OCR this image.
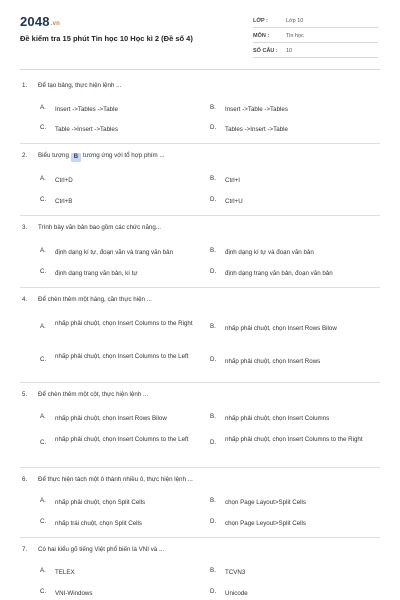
2048.vn
Đề kiểm tra 15 phút Tin học 10 Học kì 2 (Đề số 4)
LỚP :	Lớp 10
MÔN :	Tin học
SỐ CÂU : 10
1. Để tạo bảng, thực hiện lệnh ...
A. Insert ->Tables ->Table	B. Insert ->Table ->Tables
C. Table ->Insert ->Tables	D. Tables ->Insert ->Table
2. Biểu tượng B tương ứng với tổ hợp phím ...
A. Ctrl+D	B. Ctrl+I
C. Ctrl+B	D. Ctrl+U
3. Trình bày văn bản bao gồm các chức năng...
A. định dạng kí tự, đoạn văn và trang văn bản	B. định dạng kí tự và đoạn văn bản
C. định dạng trang văn bản, kí tự	D. định dạng trang văn bản, đoạn văn bản
4. Để chèn thêm một hàng, cần thực hiện ...
A. nhấp phải chuột, chọn Insert Columns to the Right	B. nhấp phải chuột, chọn Insert Rows Bilow
C. nhấp phải chuột, chọn Insert Columns to the Left	D. nhấp phải chuột, chọn Insert Rows
5. Để chèn thêm một cột, thực hiện lệnh ...
A. nhấp phải chuột, chọn Insert Rows Bilow	B. nhấp phải chuột, chọn Insert Columns
C. nhấp phải chuột, chọn Insert Columns to the Left	D. nhấp phải chuột, chọn Insert Columns to the Right
6. Để thực hiện tách một ô thành nhiều ô, thực hiện lệnh ...
A. nhấp phải chuột, chọn Split Cells	B. chọn Page Layout>Split Cells
C. nhấp trái chuột, chọn Split Cells	D. chọn Page Leyout>Split Cells
7. Có hai kiểu gõ tiếng Việt phổ biến là VNI và ...
A. TELEX	B. TCVN3
C. VNI-Windows	D. Unicode
